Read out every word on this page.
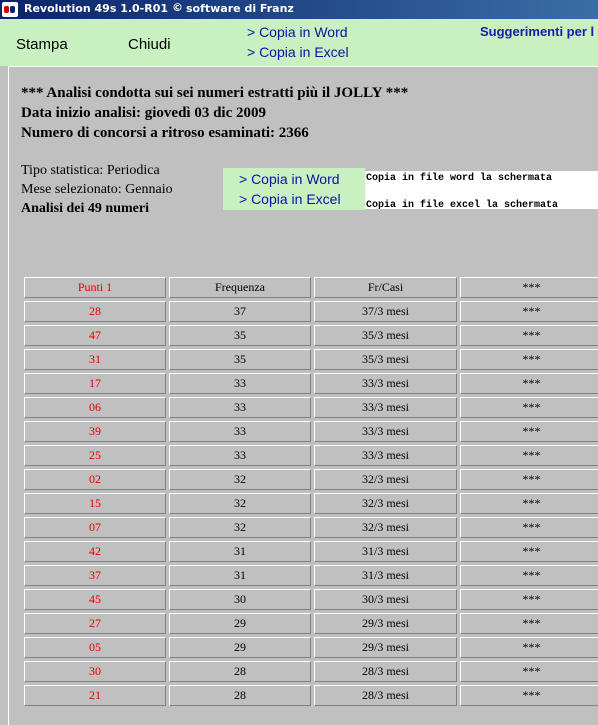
Revolution 49s 1.0-R01 © software di Franz
Stampa	Chiudi
> Copia in Word
> Copia in Excel
Suggerimenti per l
*** Analisi condotta sui sei numeri estratti più il JOLLY ***
Data inizio analisi: giovedì 03 dic 2009
Numero di concorsi a ritroso esaminati: 2366
Tipo statistica: Periodica
Mese selezionato: Gennaio
Analisi dei 49 numeri
> Copia in Word
> Copia in Excel
Copia in file word la schermata
Copia in file excel la schermata
Punti 1	Frequenza	Fr/Casi	***
28	37	37/3 mesi	***
47	35	35/3 mesi	***
31	35	35/3 mesi	***
17	33	33/3 mesi	***
06	33	33/3 mesi	***
39	33	33/3 mesi	***
25	33	33/3 mesi	***
02	32	32/3 mesi	***
15	32	32/3 mesi	***
07	32	32/3 mesi	***
42	31	31/3 mesi	***
37	31	31/3 mesi	***
45	30	30/3 mesi	***
27	29	29/3 mesi	***
05	29	29/3 mesi	***
30	28	28/3 mesi	***
21	28	28/3 mesi	***
